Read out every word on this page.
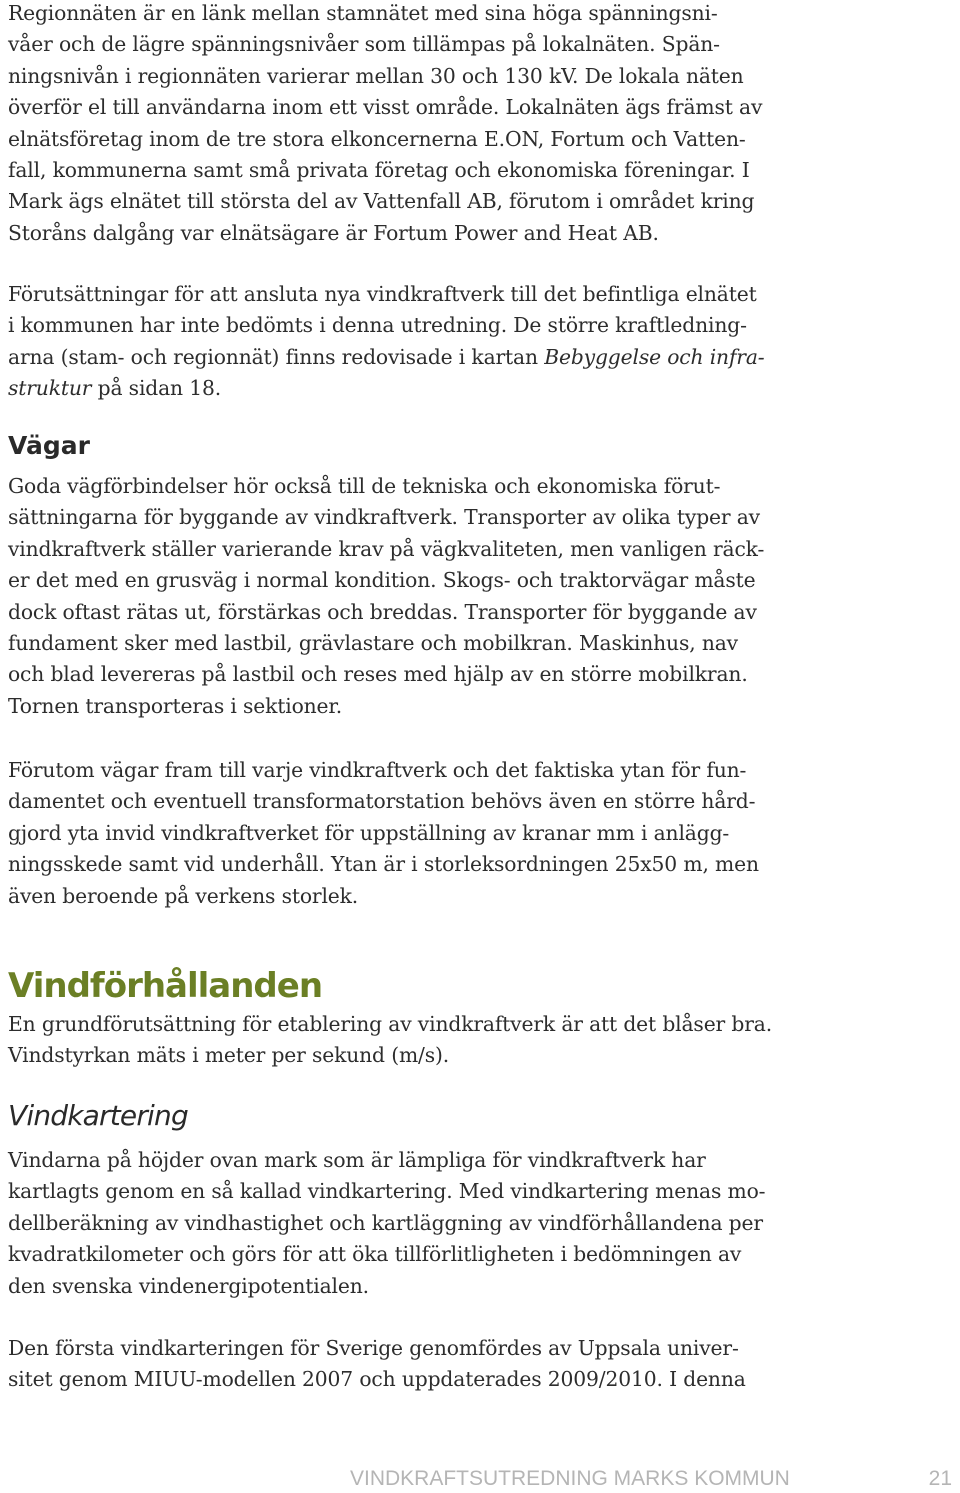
Regionnäten är en länk mellan stamnätet med sina höga spänningsni-
våer och de lägre spänningsnivåer som tillämpas på lokalnäten. Spän-
ningsnivån i regionnäten varierar mellan 30 och 130 kV. De lokala näten
överför el till användarna inom ett visst område. Lokalnäten ägs främst av
elnätsföretag inom de tre stora elkoncernerna E.ON, Fortum och Vatten-
fall, kommunerna samt små privata företag och ekonomiska föreningar. I
Mark ägs elnätet till största del av Vattenfall AB, förutom i området kring
Storåns dalgång var elnätsägare är Fortum Power and Heat AB.

Förutsättningar för att ansluta nya vindkraftverk till det befintliga elnätet
i kommunen har inte bedömts i denna utredning. De större kraftledning-
arna (stam- och regionnät) finns redovisade i kartan Bebyggelse och infra-
struktur på sidan 18.

Vägar

Goda vägförbindelser hör också till de tekniska och ekonomiska förut-
sättningarna för byggande av vindkraftverk. Transporter av olika typer av
vindkraftverk ställer varierande krav på vägkvaliteten, men vanligen räck-
er det med en grusväg i normal kondition. Skogs- och traktorvägar måste
dock oftast rätas ut, förstärkas och breddas. Transporter för byggande av
fundament sker med lastbil, grävlastare och mobilkran. Maskinhus, nav
och blad levereras på lastbil och reses med hjälp av en större mobilkran.
Tornen transporteras i sektioner.

Förutom vägar fram till varje vindkraftverk och det faktiska ytan för fun-
damentet och eventuell transformatorstation behövs även en större hård-
gjord yta invid vindkraftverket för uppställning av kranar mm i anlägg-
ningsskede samt vid underhåll. Ytan är i storleksordningen 25x50 m, men
även beroende på verkens storlek.

Vindförhållanden

En grundförutsättning för etablering av vindkraftverk är att det blåser bra.
Vindstyrkan mäts i meter per sekund (m/s).

Vindkartering

Vindarna på höjder ovan mark som är lämpliga för vindkraftverk har
kartlagts genom en så kallad vindkartering. Med vindkartering menas mo-
dellberäkning av vindhastighet och kartläggning av vindförhållandena per
kvadratkilometer och görs för att öka tillförlitligheten i bedömningen av
den svenska vindenergipotentialen.

Den första vindkarteringen för Sverige genomfördes av Uppsala univer-
sitet genom MIUU-modellen 2007 och uppdaterades 2009/2010. I denna

VINDKRAFTSUTREDNING MARKS KOMMUN	21
